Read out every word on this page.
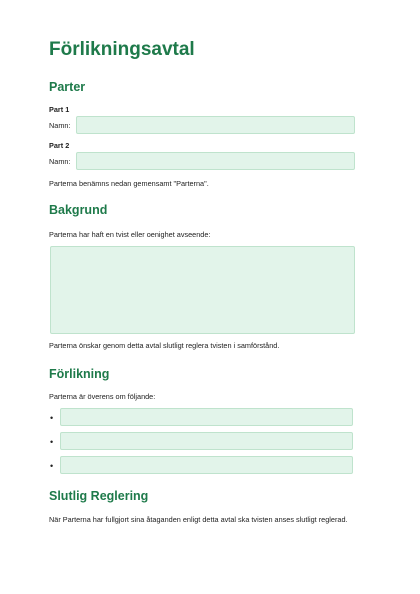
Förlikningsavtal
Parter
Part 1
Namn:
Part 2
Namn:
Parterna benämns nedan gemensamt "Parterna".
Bakgrund
Parterna har haft en tvist eller oenighet avseende:
Parterna önskar genom detta avtal slutligt reglera tvisten i samförstånd.
Förlikning
Parterna är överens om följande:
•
•
•
Slutlig Reglering
När Parterna har fullgjort sina åtaganden enligt detta avtal ska tvisten anses slutligt reglerad.
